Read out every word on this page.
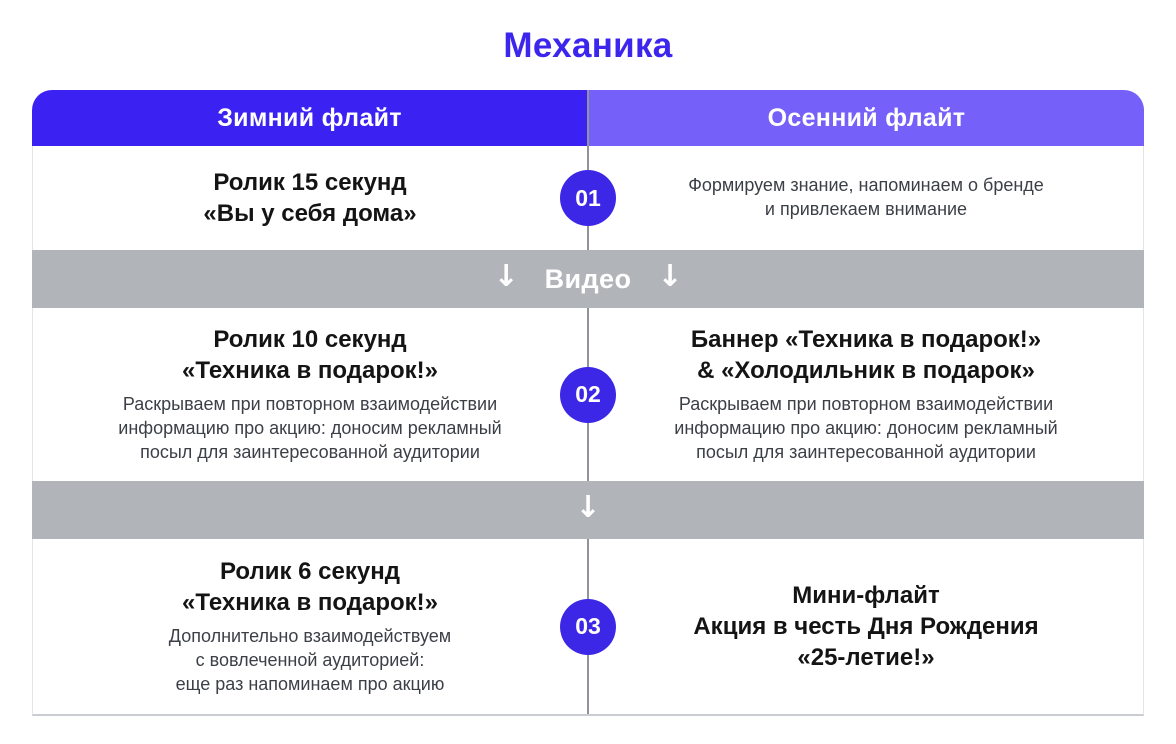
Механика
Зимний флайт	Осенний флайт
Ролик 15 секунд
«Вы у себя дома»
Формируем знание, напоминаем о бренде
и привлекаем внимание
01
↓ Видео ↓
Ролик 10 секунд
«Техника в подарок!»
Раскрываем при повторном взаимодействии
информацию про акцию: доносим рекламный
посыл для заинтересованной аудитории
Баннер «Техника в подарок!»
& «Холодильник в подарок»
Раскрываем при повторном взаимодействии
информацию про акцию: доносим рекламный
посыл для заинтересованной аудитории
02
↓
Ролик 6 секунд
«Техника в подарок!»
Дополнительно взаимодействуем
с вовлеченной аудиторией:
еще раз напоминаем про акцию
Мини-флайт
Акция в честь Дня Рождения
«25-летие!»
03
